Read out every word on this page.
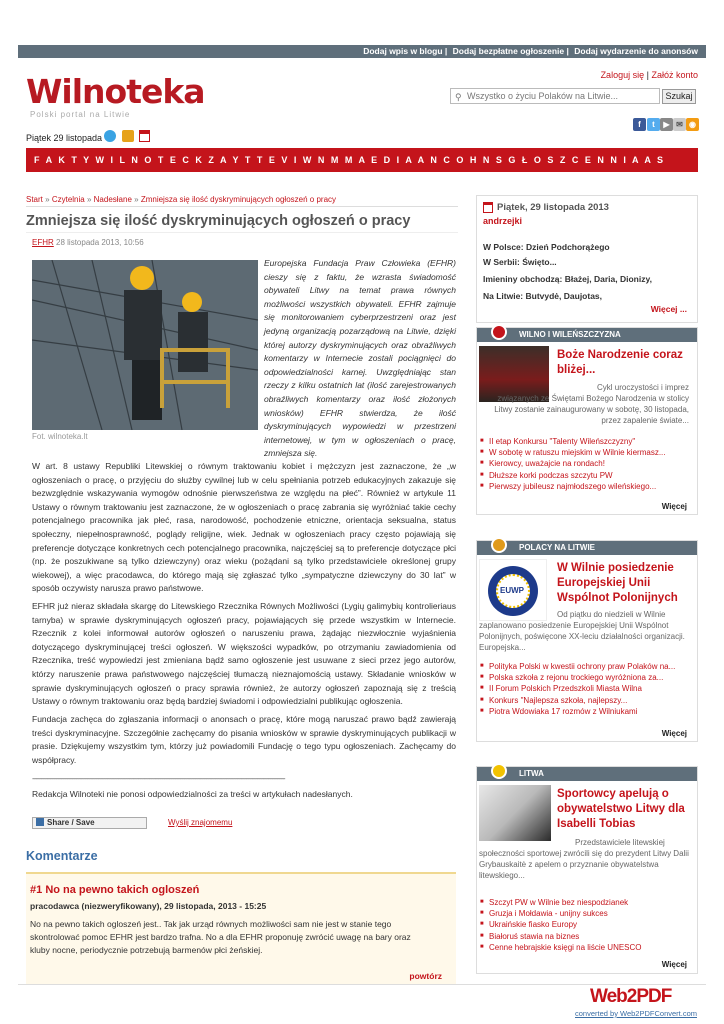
Dodaj wpis w blogu | Dodaj bezpłatne ogłoszenie | Dodaj wydarzenie do anonsów
Wilnoteka
Polski portal na Litwie
Zaloguj się | Załóż konto
⚲ Wszystko o życiu Polaków na Litwie...	Szukaj
f	t	▶ ✉ ◉
Piątek 29 listopada
F A K T Y W I L N O T E C K Z A Y T T E V I W N M M A E D I A A N C O H N S G Ł O S Z C E N N I A A S
Start » Czytelnia » Nadesłane » Zmniejsza się ilość dyskryminujących ogłoszeń o pracy
Zmniejsza się ilość dyskryminujących ogłoszeń o pracy
EFHR 28 listopada 2013, 10:56
Fot. wilnoteka.lt
Europejska Fundacja Praw Człowieka (EFHR) cieszy się z faktu, że wzrasta świadomość obywateli Litwy na temat prawa równych możliwości wszystkich obywateli. EFHR zajmuje się monitorowaniem cyberprzestrzeni oraz jest jedyną organizacją pozarządową na Litwie, dzięki której autorzy dyskryminujących oraz obraźliwych komentarzy w Internecie zostali pociągnięci do odpowiedzialności karnej. Uwzględniając stan rzeczy z kilku ostatnich lat (ilość zarejestrowanych obraźliwych komentarzy oraz ilość złożonych wniosków) EFHR stwierdza, że ilość dyskryminujących wypowiedzi w przestrzeni internetowej, w tym w ogłoszeniach o pracę, zmniejsza się.
W art. 8 ustawy Republiki Litewskiej o równym traktowaniu kobiet i mężczyzn jest zaznaczone, że „w ogłoszeniach o pracę, o przyjęciu do służby cywilnej lub w celu spełniania potrzeb edukacyjnych zakazuje się bezwzględnie wskazywania wymogów odnośnie pierwszeństwa ze względu na płeć”. Również w artykule 11 Ustawy o równym traktowaniu jest zaznaczone, że w ogłoszeniach o pracę zabrania się wyróżniać takie cechy potencjalnego pracownika jak płeć, rasa, narodowość, pochodzenie etniczne, orientacja seksualna, status społeczny, niepełnosprawność, poglądy religijne, wiek. Jednak w ogłoszeniach pracy często pojawiają się preferencje dotyczące konkretnych cech potencjalnego pracownika, najczęściej są to preferencje dotyczące płci (np. że poszukiwane są tylko dziewczyny) oraz wieku (pożądani są tylko przedstawiciele określonej grupy wiekowej), a więc pracodawca, do którego mają się zgłaszać tylko „sympatyczne dziewczyny do 30 lat” w sposób oczywisty narusza prawo państwowe.
EFHR już nieraz składała skargę do Litewskiego Rzecznika Równych Możliwości (Lygių galimybių kontrolieriaus tarnyba) w sprawie dyskryminujących ogłoszeń pracy, pojawiających się przede wszystkim w Internecie. Rzecznik z kolei informował autorów ogłoszeń o naruszeniu prawa, żądając niezwłocznie wyjaśnienia dotyczącego dyskryminującej treści ogłoszeń. W większości wypadków, po otrzymaniu zawiadomienia od Rzecznika, treść wypowiedzi jest zmieniana bądź samo ogłoszenie jest usuwane z sieci przez jego autorów, którzy naruszenie prawa państwowego najczęściej tłumaczą nieznajomością ustawy. Składanie wniosków w sprawie dyskryminujących ogłoszeń o pracy sprawia również, że autorzy ogłoszeń zapoznają się z treścią Ustawy o równym traktowaniu oraz będą bardziej świadomi i odpowiedzialni publikując ogłoszenia.
Fundacja zachęca do zgłaszania informacji o anonsach o pracę, które mogą naruszać prawo bądź zawierają treści dyskryminacyjne. Szczegółnie zachęcamy do pisania wniosków w sprawie dyskryminujących publikacji w prasie. Dziękujemy wszystkim tym, którzy już powiadomili Fundację o tego typu ogłoszeniach. Zachęcamy do współpracy.
------------------------------------------------------------------------------------------------------------------------------------------
Redakcja Wilnoteki nie ponosi odpowiedzialności za treści w artykułach nadesłanych.
Share / Save	Wyślij znajomemu
Komentarze
#1 No na pewno takich ogloszeń
pracodawca (niezweryfikowany), 29 listopada, 2013 - 15:25
No na pewno takich ogloszeń jest.. Tak jak urząd równych możliwości sam nie jest w stanie tego skontrolować pomoc EFHR jest bardzo trafna. No a dla EFHR proponuję zwrócić uwagę na bary oraz kluby nocne, periodycznie potrzebują barmenów płci żeńskiej.
powtórz
Piątek, 29 listopada 2013
andrzejki
W Polsce: Dzień Podchorążego
W Serbii: Święto...
Imieniny obchodzą: Błażej, Daria, Dionizy,
Na Litwie: Butvydė, Daujotas,
Więcej ...
WILNO I WILEŃSZCZYZNA
Boże Narodzenie coraz bliżej...
Cykl uroczystości i imprez związanych ze Świętami Bożego Narodzenia w stolicy Litwy zostanie zainaugurowany w sobotę, 30 listopada, przez zapalenie świate...
■ II etap Konkursu "Talenty Wileńszczyzny"
■ W sobotę w ratuszu miejskim w Wilnie kiermasz...
■ Kierowcy, uważajcie na rondach!
■ Dłuższe korki podczas szczytu PW
■ Pierwszy jubileusz najmłodszego wileńskiego...
Więcej
POLACY NA LITWIE
EUWP
W Wilnie posiedzenie Europejskiej Unii Wspólnot Polonijnych
Od piątku do niedzieli w Wilnie zaplanowano posiedzenie Europejskiej Unii Wspólnot Polonijnych, poświęcone XX-leciu działalności organizacji. Europejska...
■ Polityka Polski w kwestii ochrony praw Polaków na...
■ Polska szkoła z rejonu trockiego wyróżniona za...
■ II Forum Polskich Przedszkoli Miasta Wilna
■ Konkurs "Najlepsza szkoła, najlepszy...
■ Piotra Wdowiaka 17 rozmów z Wilniukami
Więcej
LITWA
Sportowcy apelują o obywatelstwo Litwy dla Isabelli Tobias
Przedstawiciele litewskiej społeczności sportowej zwrócili się do prezydent Litwy Dalii Grybauskaitė z apelem o przyznanie obywatelstwa litewskiego...
■ Szczyt PW w Wilnie bez niespodzianek
■ Gruzja i Mołdawia - unijny sukces
■ Ukraińskie fiasko Europy
■ Białoruś stawia na biznes
■ Cenne hebrajskie księgi na liście UNESCO
Więcej
Web2PDF
converted by Web2PDFConvert.com
